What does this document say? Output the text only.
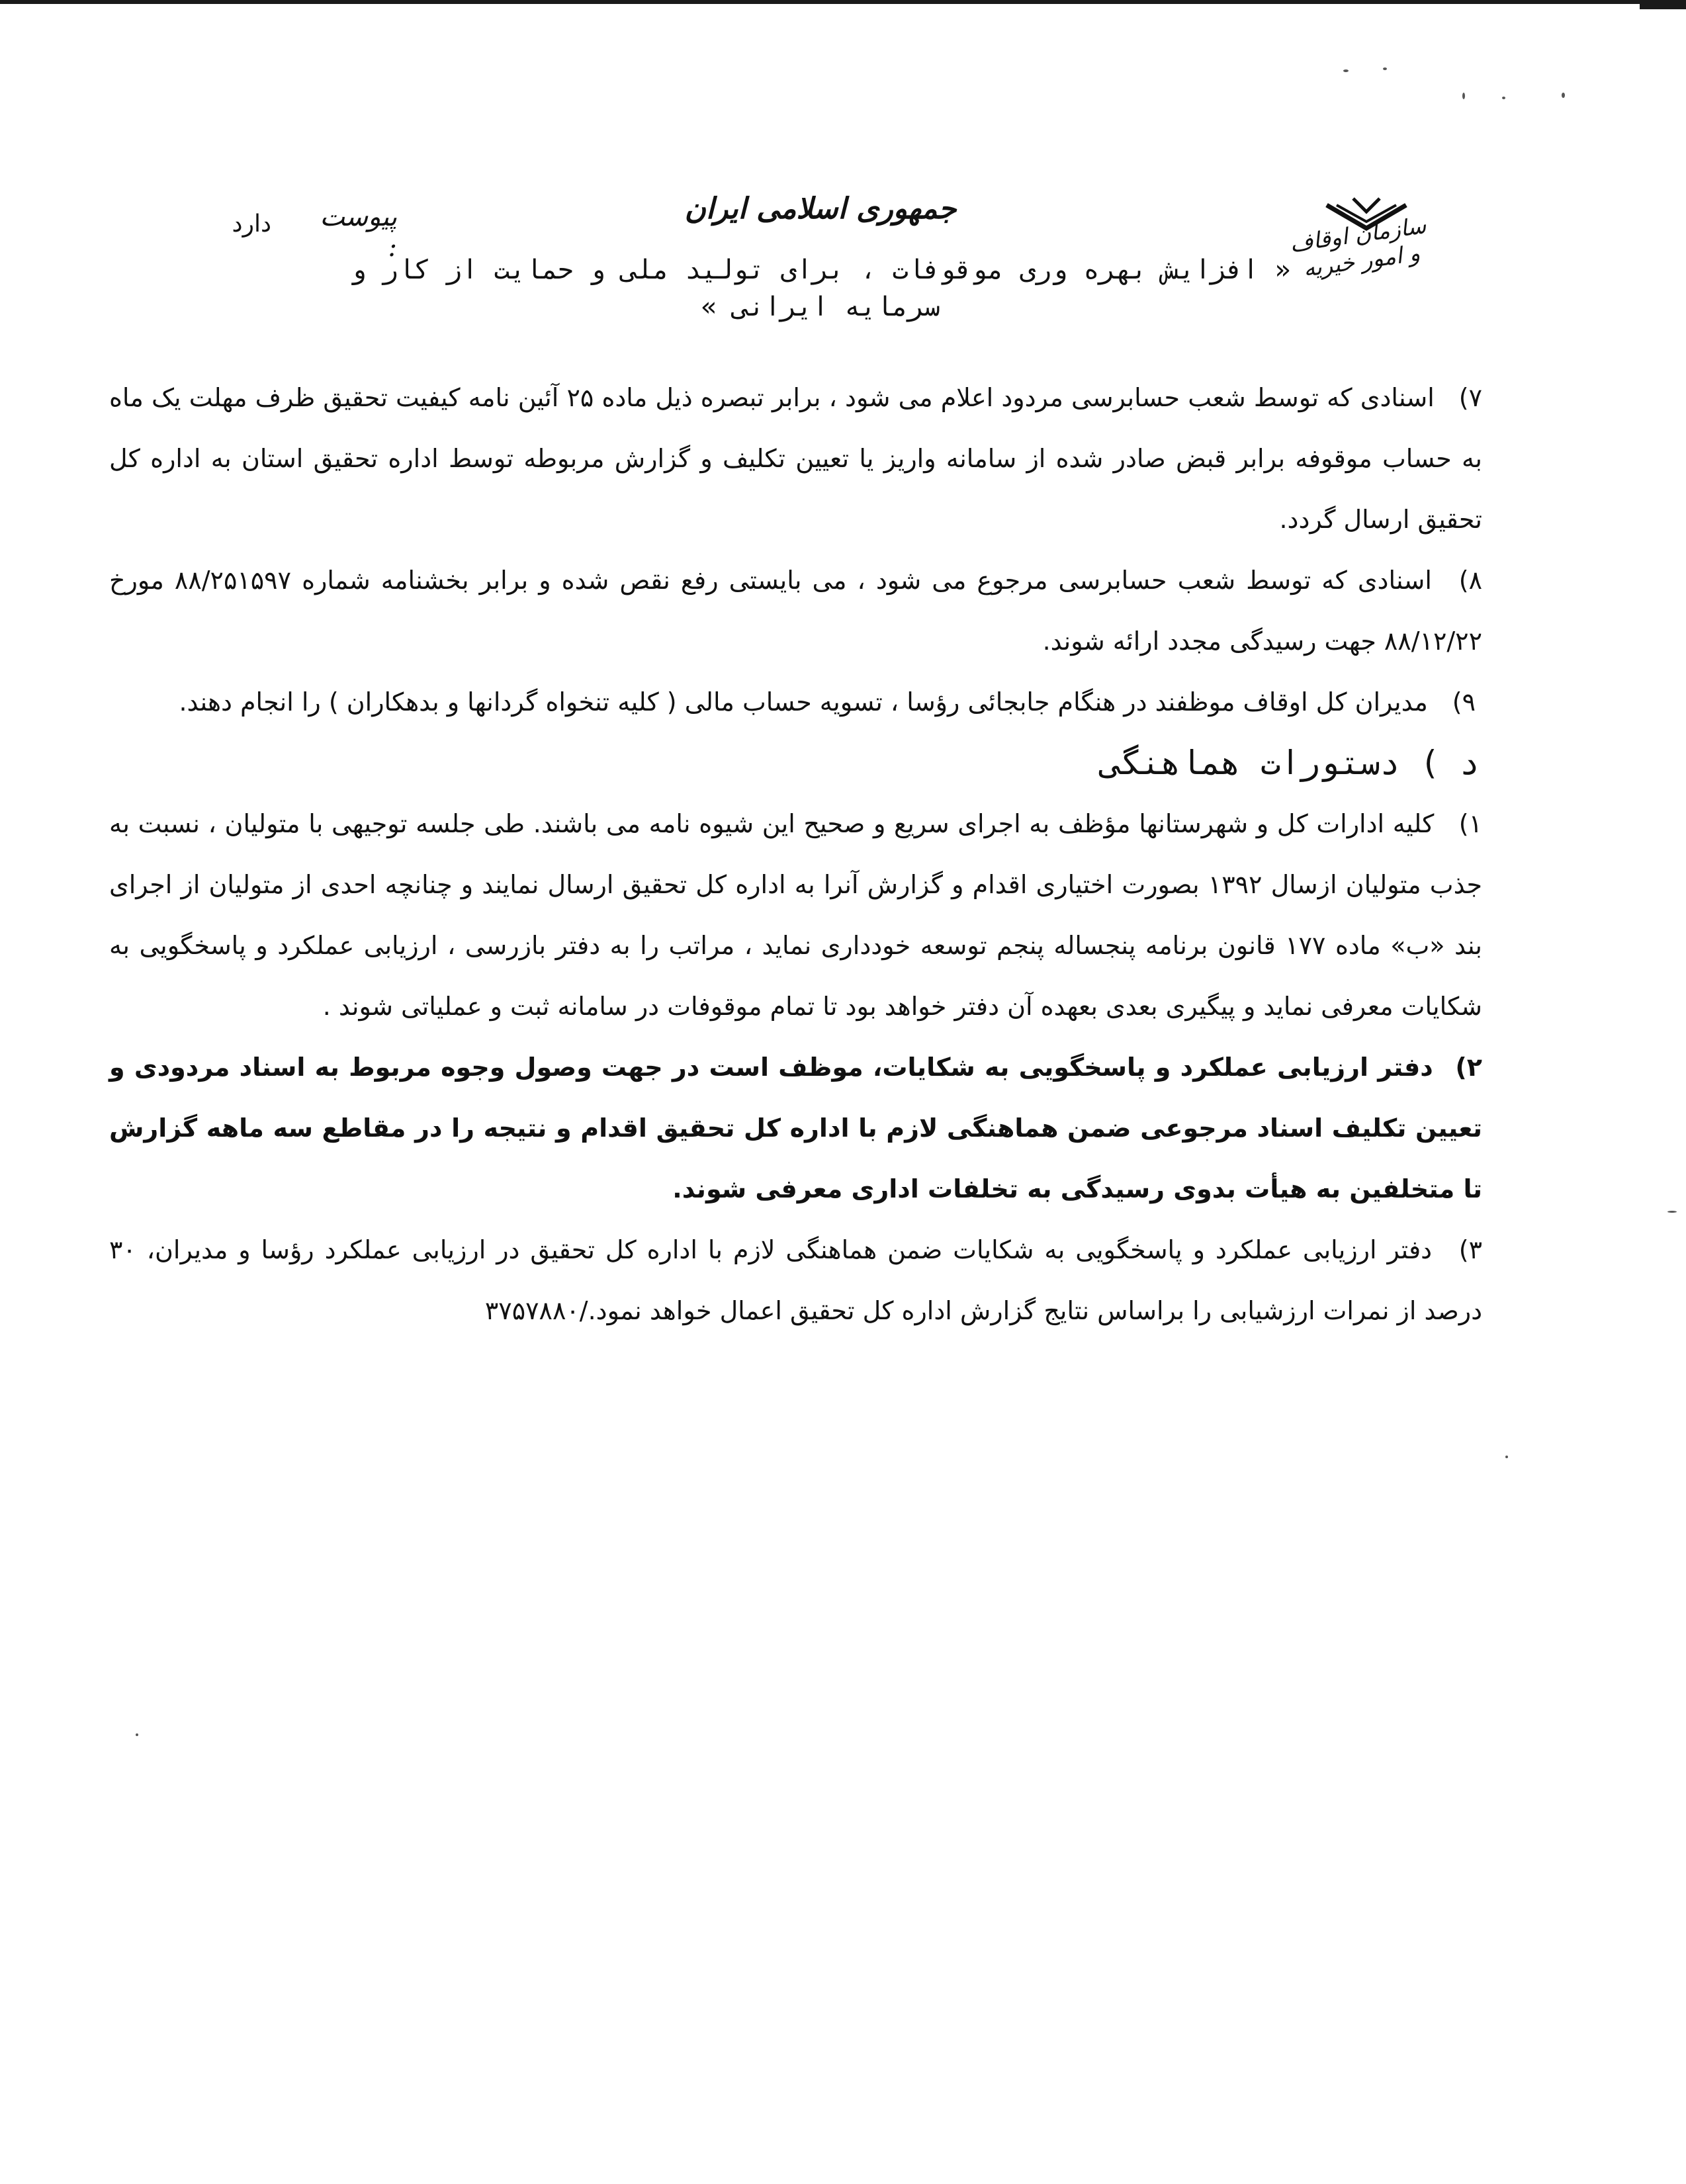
سازمان اوقاف و امور خیریه
جمهوری اسلامی ایران
پیوست :
دارد
« افزایش بهره وری موقوفات ، برای تولید ملی و حمایت از کار و
سرمایه ایرانی »

۷) اسنادی که توسط شعب حسابرسی مردود اعلام می شود ، برابر تبصره ذیل ماده ۲۵ آئین نامه کیفیت تحقیق ظرف مهلت یک ماه به حساب موقوفه برابر قبض صادر شده از سامانه واریز یا تعیین تکلیف و گزارش مربوطه توسط اداره تحقیق استان به اداره کل تحقیق ارسال گردد.

۸) اسنادی که توسط شعب حسابرسی مرجوع می شود ، می بایستی رفع نقص شده و برابر بخشنامه شماره ۸۸/۲۵۱۵۹۷ مورخ ۸۸/۱۲/۲۲ جهت رسیدگی مجدد ارائه شوند.

۹) مدیران کل اوقاف موظفند در هنگام جابجائی رؤسا ، تسویه حساب مالی ( کلیه تنخواه گردانها و بدهکاران ) را انجام دهند.

د ) دستورات هماهنگی

۱) کلیه ادارات کل و شهرستانها مؤظف به اجرای سریع و صحیح این شیوه نامه می باشند. طی جلسه توجیهی با متولیان ، نسبت به جذب متولیان ازسال ۱۳۹۲ بصورت اختیاری اقدام و گزارش آنرا به اداره کل تحقیق ارسال نمایند و چنانچه احدی از متولیان از اجرای بند «ب» ماده ۱۷۷ قانون برنامه پنجساله پنجم توسعه خودداری نماید ، مراتب را به دفتر بازرسی ، ارزیابی عملکرد و پاسخگویی به شکایات معرفی نماید و پیگیری بعدی بعهده آن دفتر خواهد بود تا تمام موقوفات در سامانه ثبت و عملیاتی شوند .

۲) دفتر ارزیابی عملکرد و پاسخگویی به شکایات، موظف است در جهت وصول وجوه مربوط به اسناد مردودی و تعیین تکلیف اسناد مرجوعی ضمن هماهنگی لازم با اداره کل تحقیق اقدام و نتیجه را در مقاطع سه ماهه گزارش تا متخلفین به هیأت بدوی رسیدگی به تخلفات اداری معرفی شوند.

۳) دفتر ارزیابی عملکرد و پاسخگویی به شکایات ضمن هماهنگی لازم با اداره کل تحقیق در ارزیابی عملکرد رؤسا و مدیران، ۳۰ درصد از نمرات ارزشیابی را براساس نتایج گزارش اداره کل تحقیق اعمال خواهد نمود./۳۷۵۷۸۸۰
